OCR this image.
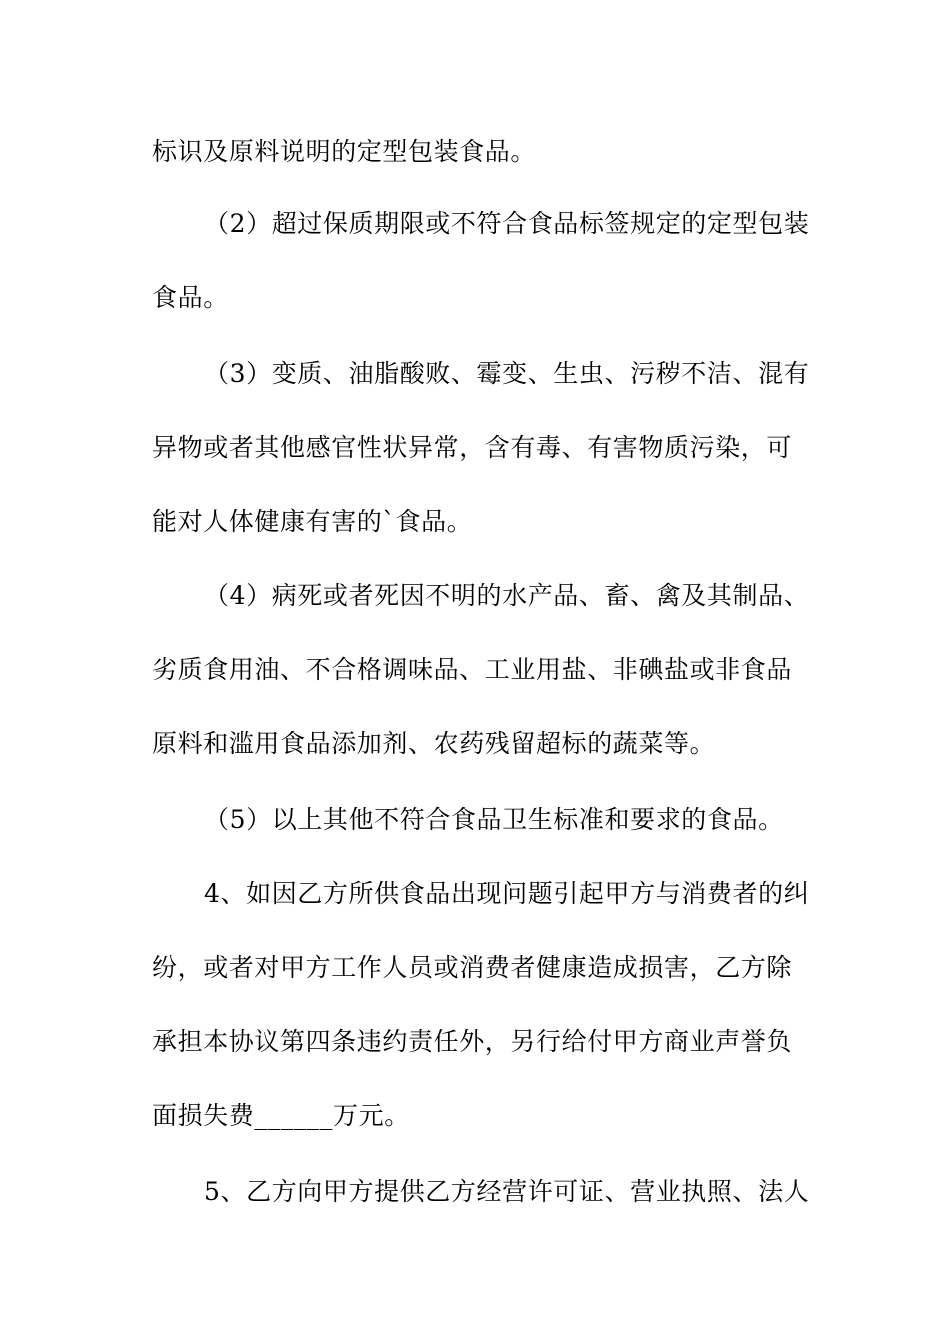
标识及原料说明的定型包装食品。
（2）超过保质期限或不符合食品标签规定的定型包装
食品。
（3）变质、油脂酸败、霉变、生虫、污秽不洁、混有
异物或者其他感官性状异常，含有毒、有害物质污染，可
能对人体健康有害的`食品。
（4）病死或者死因不明的水产品、畜、禽及其制品、
劣质食用油、不合格调味品、工业用盐、非碘盐或非食品
原料和滥用食品添加剂、农药残留超标的蔬菜等。
（5）以上其他不符合食品卫生标准和要求的食品。
4、如因乙方所供食品出现问题引起甲方与消费者的纠
纷，或者对甲方工作人员或消费者健康造成损害，乙方除
承担本协议第四条违约责任外，另行给付甲方商业声誉负
面损失费______万元。
5、乙方向甲方提供乙方经营许可证、营业执照、法人
